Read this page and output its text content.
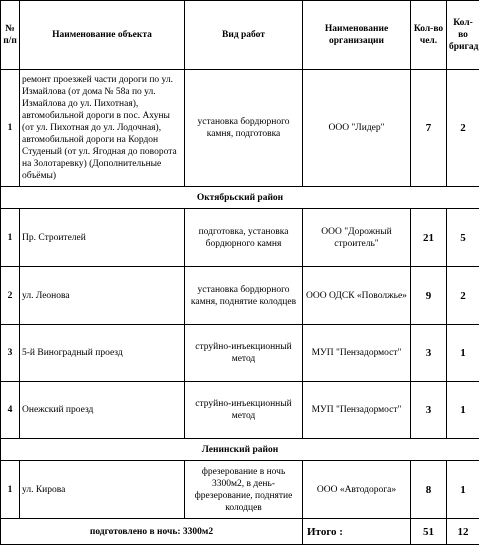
№ п/п	Наименование объекта	Вид работ	Наименование организации	Кол-во чел.	Кол-во бригад
1	ремонт проезжей части дороги по ул. Измайлова (от дома № 58а по ул. Измайлова до ул. Пихотная), автомобильной дороги в пос. Ахуны (от ул. Пихотная до ул. Лодочная), автомобильной дороги на Кордон Студеный (от ул. Ягодная до поворота на Золотаревку) (Дополнительные объёмы)	установка бордюрного камня, подготовка	ООО "Лидер"	7	2
Октябрьский район					
1	Пр. Строителей	подготовка, установка бордюрного камня	ООО "Дорожный строитель"	21	5
2	ул. Леонова	установка бордюрного камня, поднятие колодцев	ООО ОДСК «Поволжье»	9	2
3	5-й Виноградный проезд	струйно-инъекционный метод	МУП "Пензадормост"	3	1
4	Онежский проезд	струйно-инъекционный метод	МУП "Пензадормост"	3	1
Ленинский район					
1	ул. Кирова	фрезерование в ночь 3300м2, в день- фрезерование, поднятие колодцев	ООО «Автодорога»	8	1
подготовлено в ночь: 3300м2			Итого :	51	12
